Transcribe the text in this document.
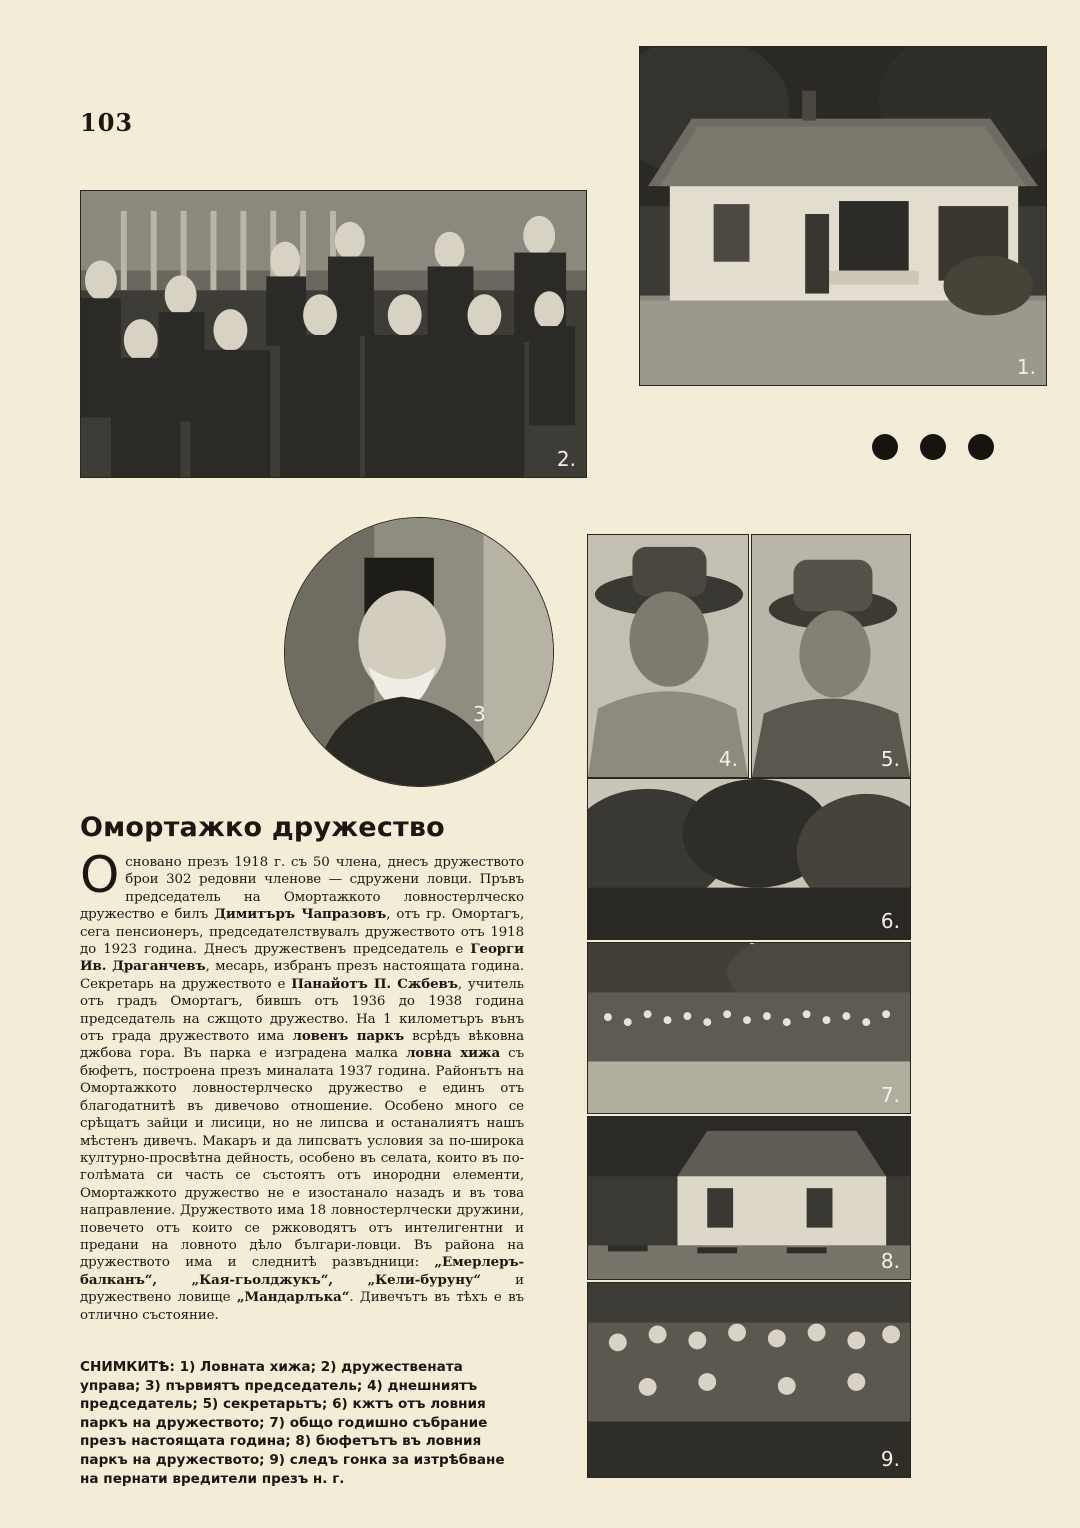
103
1.
2.
3
4.	5.
6.
7.
8.
9.
Омортажко дружество
Основано презъ 1918 г. съ 50 члена, днесъ дружеството брои 302 редовни членове — сдружени ловци. Пръвъ председатель на Омортажкото ловностерлческо дружество е билъ Димитъръ Чапразовъ, отъ гр. Омортагъ, сега пенсионеръ, председателствувалъ дружеството отъ 1918 до 1923 година. Днесъ дружественъ председатель е Георги Ив. Драганчевъ, месарь, избранъ презъ настоящата година. Секретарь на дружеството е Панайотъ П. Сжбевъ, учитель отъ градъ Омортагъ, бившъ отъ 1936 до 1938 година председатель на сжщото дружество. На 1 километъръ вънъ отъ града дружеството има ловенъ паркъ всрѣдъ вѣковна джбова гора. Въ парка е изградена малка ловна хижа съ бюфетъ, построена презъ миналата 1937 година. Районътъ на Омортажкото ловностерлческо дружество е единъ отъ благодатнитѣ въ дивечово отношение. Особено много се срѣщатъ зайци и лисици, но не липсва и останалиятъ нашъ мѣстенъ дивечъ. Макаръ и да липсватъ условия за по-широка културно-просвѣтна дейность, особено въ селата, които въ по-голѣмата си часть се състоятъ отъ инородни елементи, Омортажкото дружество не е изостанало назадъ и въ това направление. Дружеството има 18 ловностерлчески дружини, повечето отъ които се ржководятъ отъ интелигентни и предани на ловното дѣло българи-ловци. Въ района на дружеството има и следнитѣ развъдници: „Емерлеръ-балканъ“, „Кая-гьолджукъ“, „Кели-буруну“ и дружествено ловище „Мандарлъка“. Дивечътъ въ тѣхъ е въ отлично състояние.
СНИМКИТѢ: 1) Ловната хижа; 2) дружествената управа; 3) първиятъ председатель; 4) днешниятъ председатель; 5) секретарьтъ; 6) кжтъ отъ ловния паркъ на дружеството; 7) общо годишно събрание презъ настоящата година; 8) бюфетътъ въ ловния паркъ на дружеството; 9) следъ гонка за изтрѣбване на пернати вредители презъ н. г.
